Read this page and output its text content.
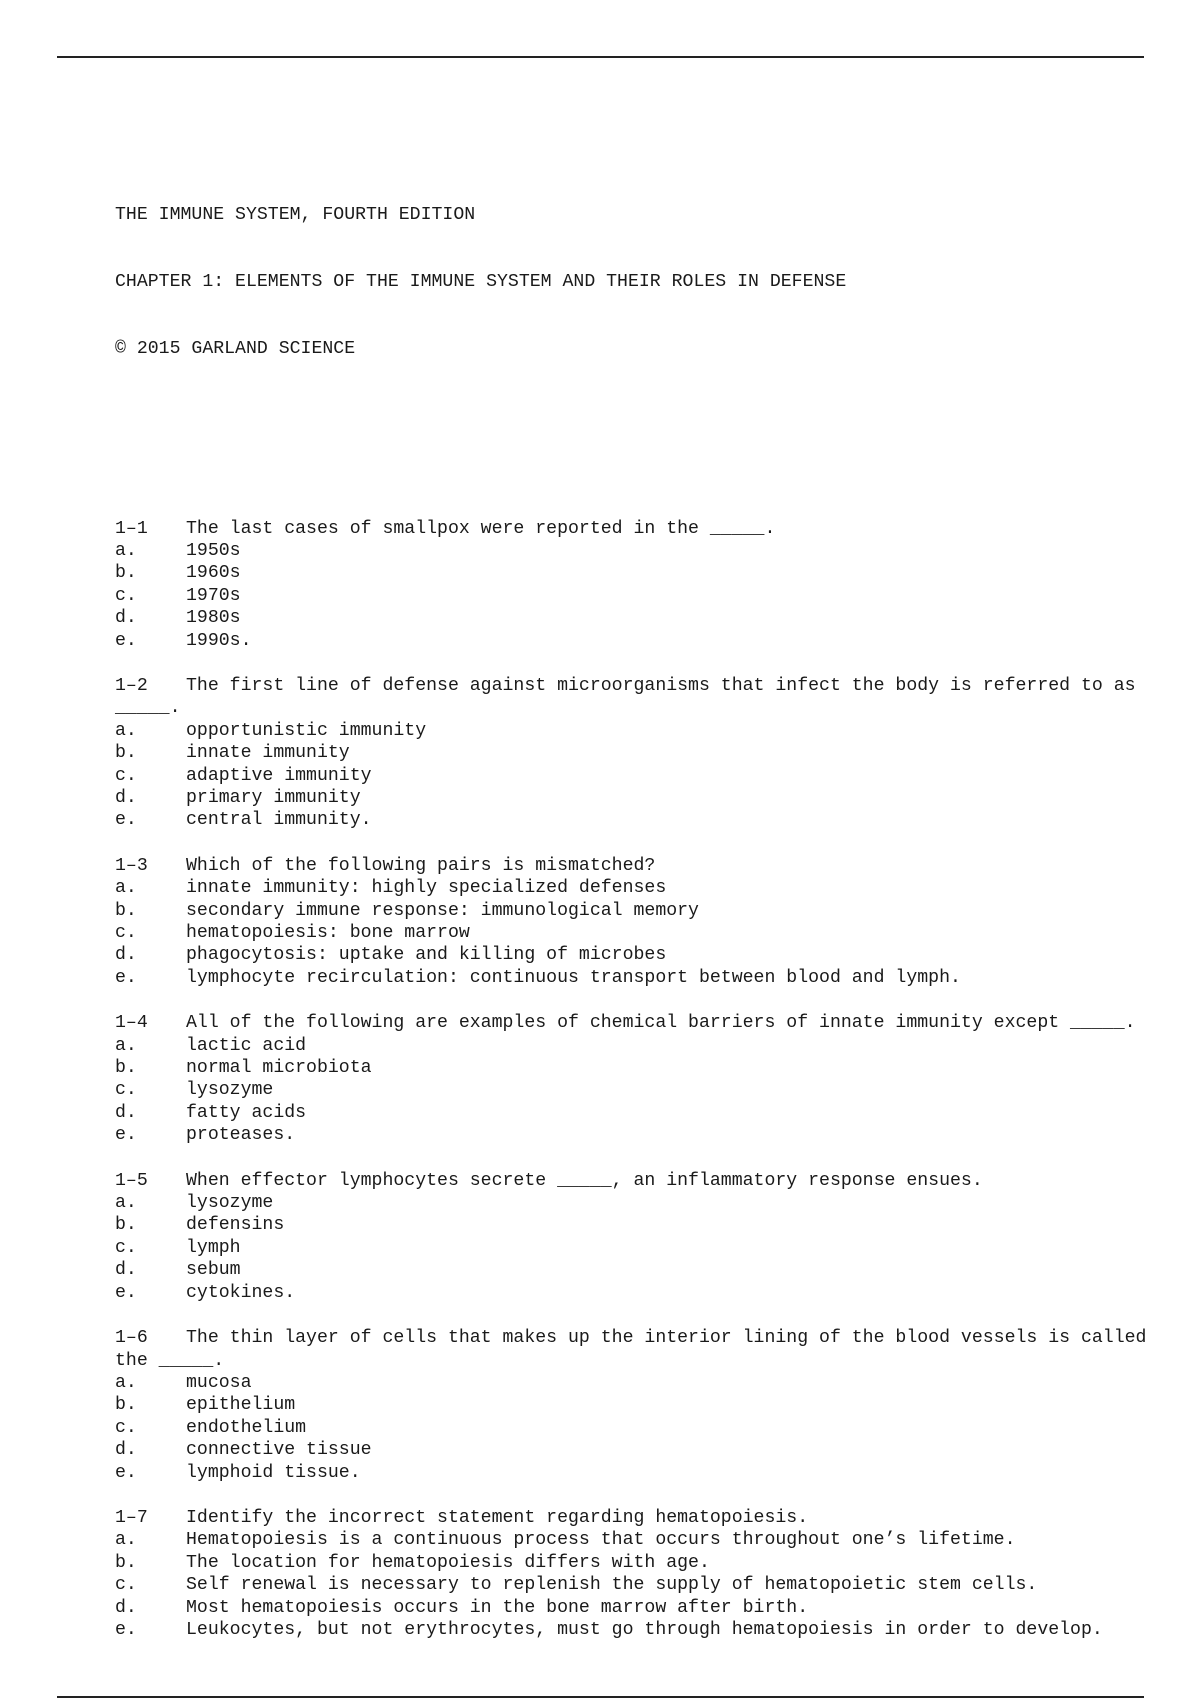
THE IMMUNE SYSTEM, FOURTH EDITION

CHAPTER 1: ELEMENTS OF THE IMMUNE SYSTEM AND THEIR ROLES IN DEFENSE

© 2015 GARLAND SCIENCE

1–1 The last cases of smallpox were reported in the _____.
a.	1950s
b.	1960s
c.	1970s
d.	1980s
e.	1990s.
1–2 The first line of defense against microorganisms that infect the body is referred to as _____.
a.	opportunistic immunity
b.	innate immunity
c.	adaptive immunity
d.	primary immunity
e.	central immunity.
1–3 Which of the following pairs is mismatched?
a.	innate immunity: highly specialized defenses
b.	secondary immune response: immunological memory
c.	hematopoiesis: bone marrow
d.	phagocytosis: uptake and killing of microbes
e.	lymphocyte recirculation: continuous transport between blood and lymph.
1–4 All of the following are examples of chemical barriers of innate immunity except _____.
a.	lactic acid
b.	normal microbiota
c.	lysozyme
d.	fatty acids
e.	proteases.
1–5 When effector lymphocytes secrete _____, an inflammatory response ensues.
a.	lysozyme
b.	defensins
c.	lymph
d.	sebum
e.	cytokines.
1–6 The thin layer of cells that makes up the interior lining of the blood vessels is called the _____.
a.	mucosa
b.	epithelium
c.	endothelium
d.	connective tissue
e.	lymphoid tissue.
1–7 Identify the incorrect statement regarding hematopoiesis.
a.	Hematopoiesis is a continuous process that occurs throughout one’s lifetime.
b.	The location for hematopoiesis differs with age.
c.	Self renewal is necessary to replenish the supply of hematopoietic stem cells.
d.	Most hematopoiesis occurs in the bone marrow after birth.
e.	Leukocytes, but not erythrocytes, must go through hematopoiesis in order to develop.
